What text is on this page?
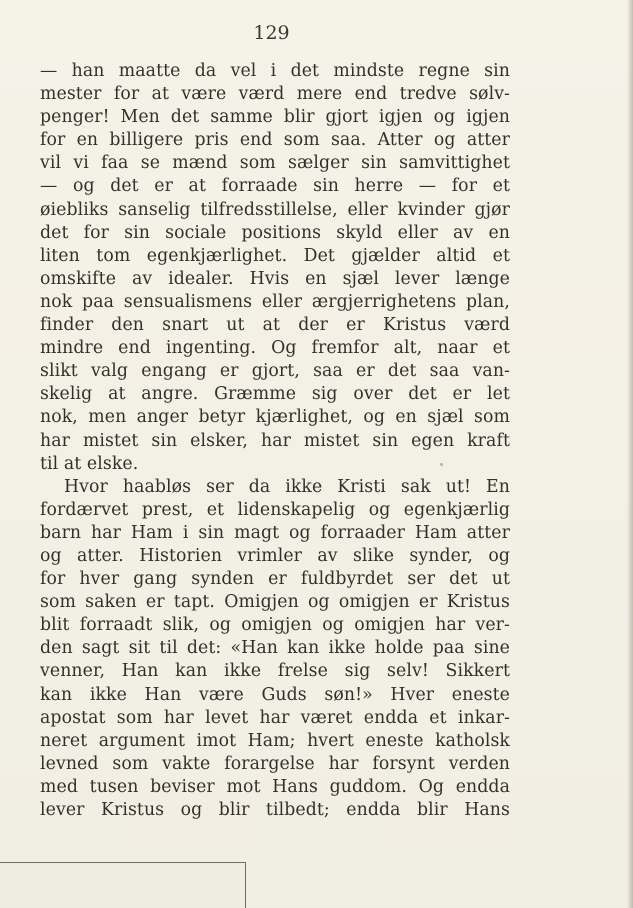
129
— han maatte da vel i det mindste regne sin
mester for at være værd mere end tredve sølv-
penger! Men det samme blir gjort igjen og igjen
for en billigere pris end som saa. Atter og atter
vil vi faa se mænd som sælger sin samvittighet
— og det er at forraade sin herre — for et
øiebliks sanselig tilfredsstillelse, eller kvinder gjør
det for sin sociale positions skyld eller av en
liten tom egenkjærlighet. Det gjælder altid et
omskifte av idealer. Hvis en sjæl lever længe
nok paa sensualismens eller ærgjerrighetens plan,
finder den snart ut at der er Kristus værd
mindre end ingenting. Og fremfor alt, naar et
slikt valg engang er gjort, saa er det saa van-
skelig at angre. Græmme sig over det er let
nok, men anger betyr kjærlighet, og en sjæl som
har mistet sin elsker, har mistet sin egen kraft
til at elske.
Hvor haabløs ser da ikke Kristi sak ut! En
fordærvet prest, et lidenskapelig og egenkjærlig
barn har Ham i sin magt og forraader Ham atter
og atter. Historien vrimler av slike synder, og
for hver gang synden er fuldbyrdet ser det ut
som saken er tapt. Omigjen og omigjen er Kristus
blit forraadt slik, og omigjen og omigjen har ver-
den sagt sit til det: «Han kan ikke holde paa sine
venner, Han kan ikke frelse sig selv! Sikkert
kan ikke Han være Guds søn!» Hver eneste
apostat som har levet har været endda et inkar-
neret argument imot Ham; hvert eneste katholsk
levned som vakte forargelse har forsynt verden
med tusen beviser mot Hans guddom. Og endda
lever Kristus og blir tilbedt; endda blir Hans
